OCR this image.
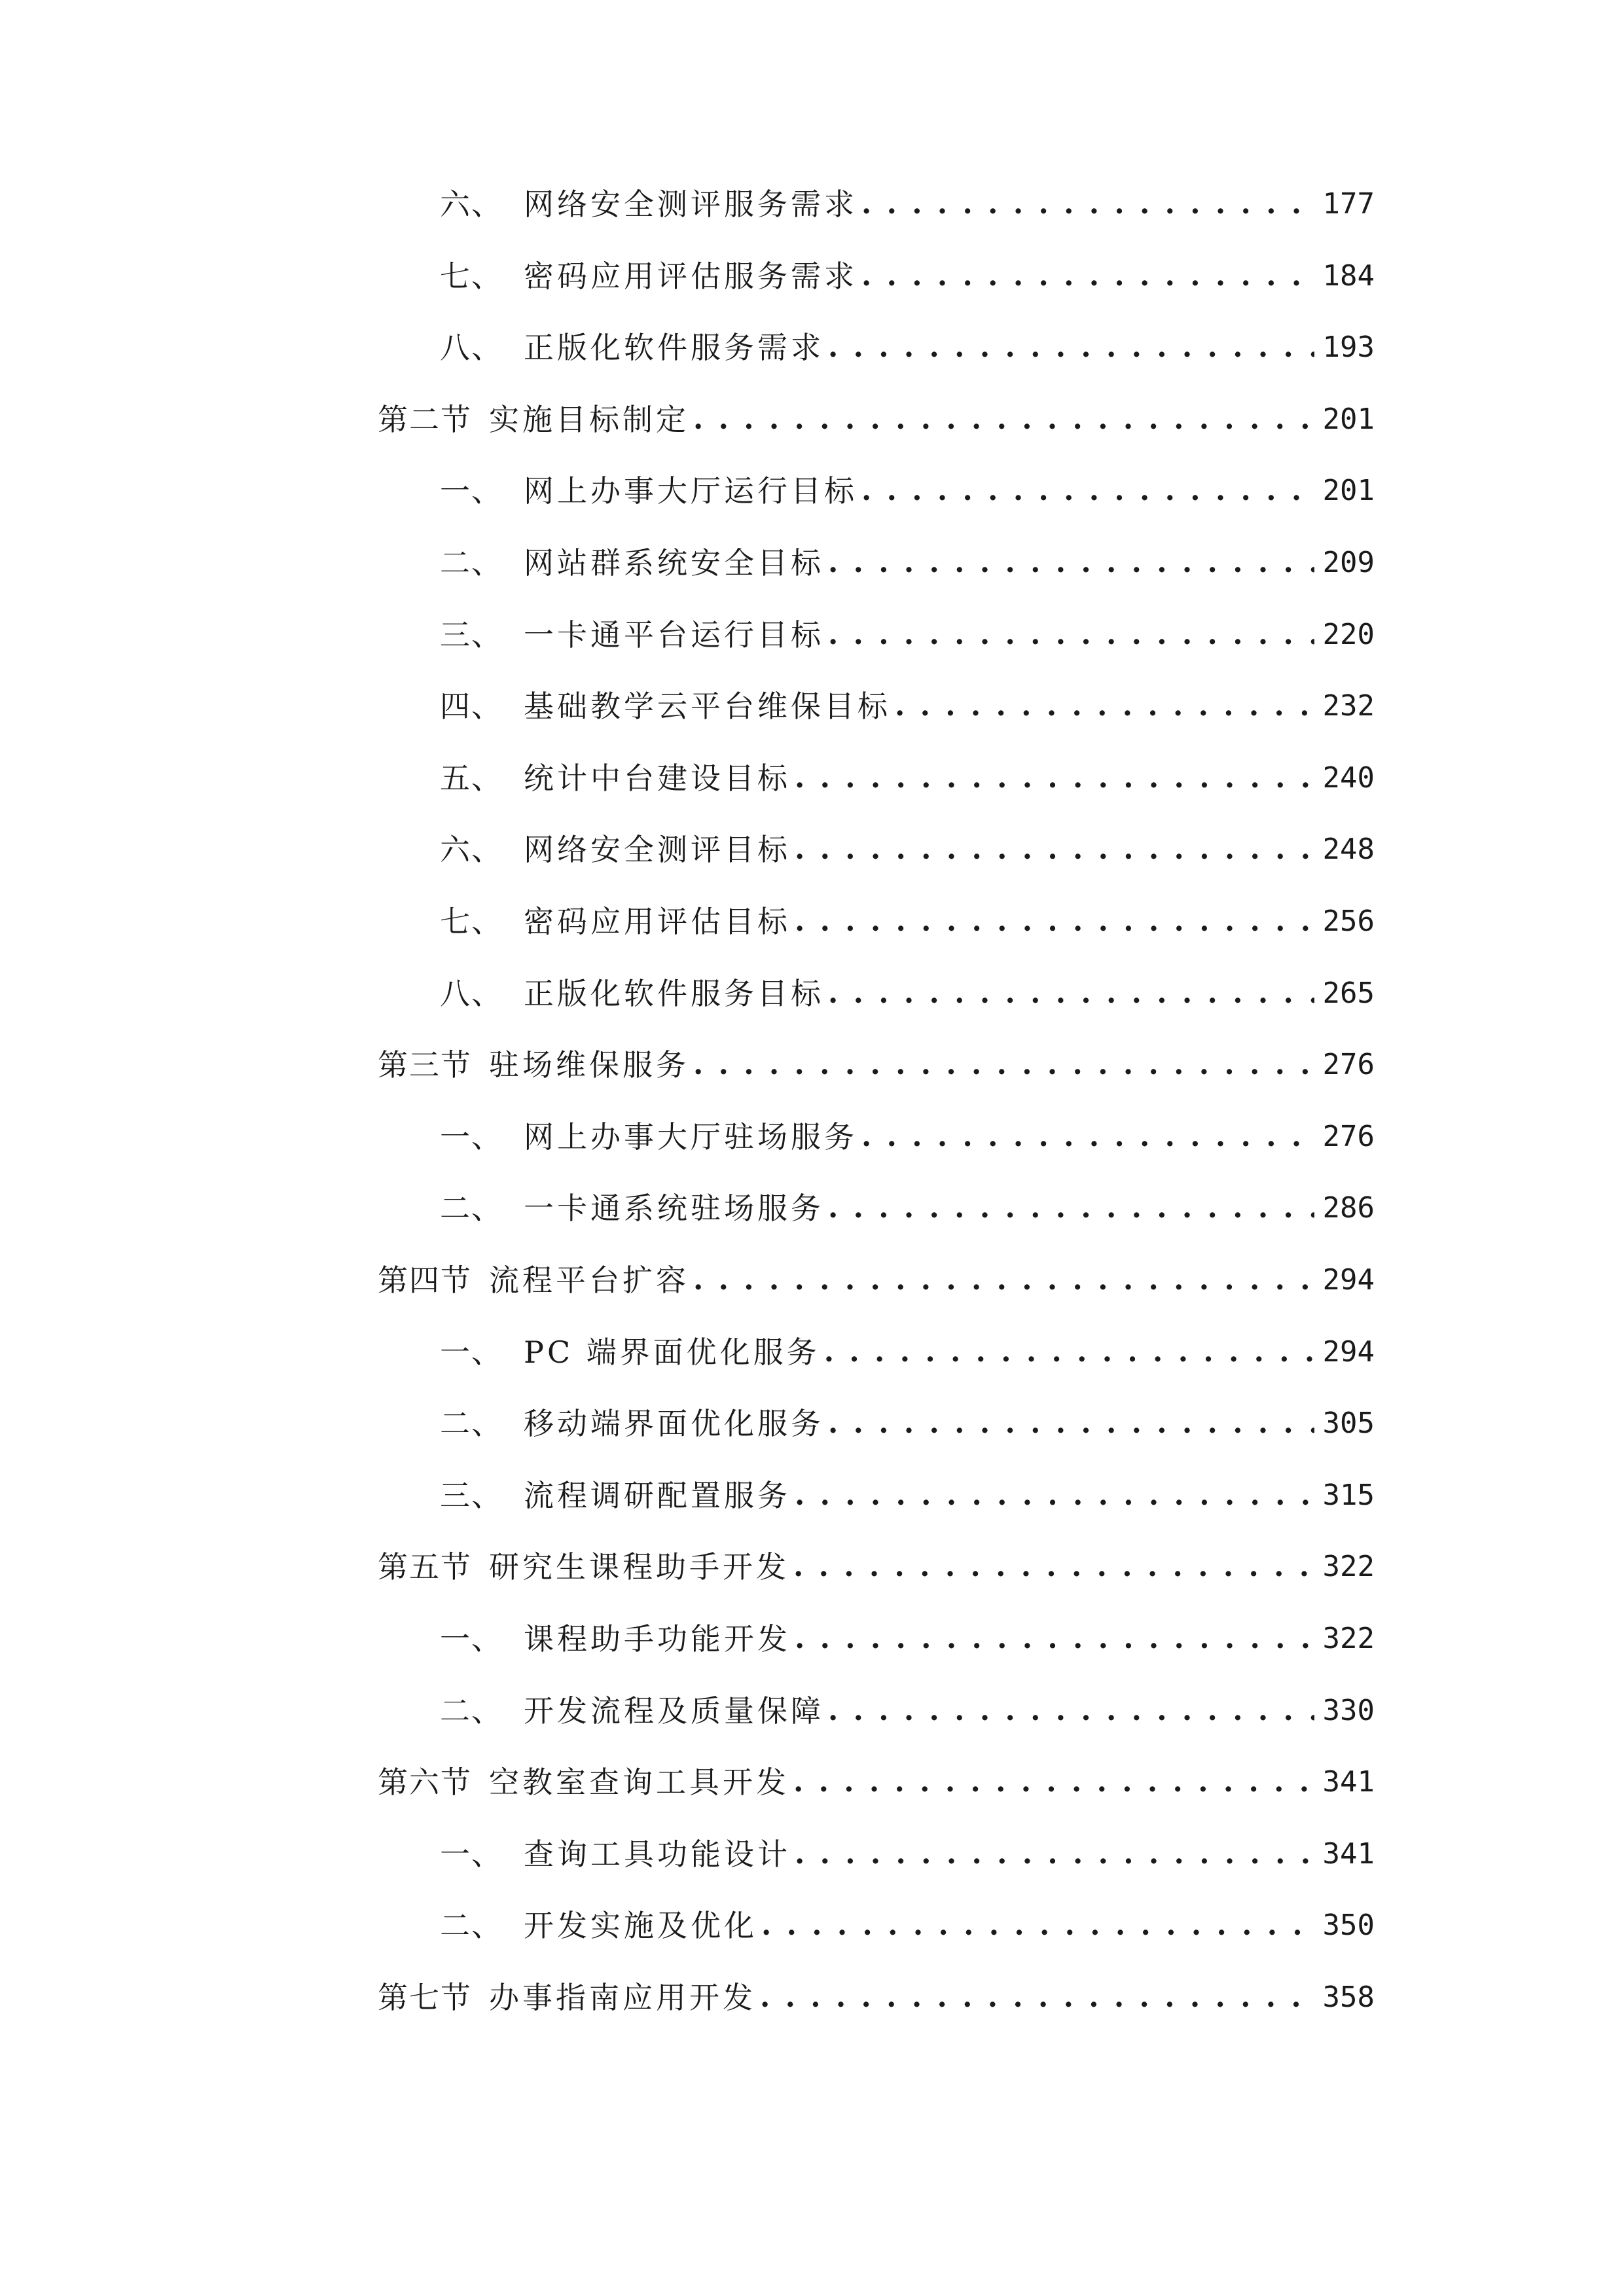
六、 网络安全测评服务需求 . . .	177
七、 密码应用评估服务需求 . . .	184
八、 正版化软件服务需求 . . .	193
第二节 实施目标制定 . . .	201
一、 网上办事大厅运行目标 . . .	201
二、 网站群系统安全目标 . . .	209
三、 一卡通平台运行目标 . . .	220
四、 基础教学云平台维保目标 . . .	232
五、 统计中台建设目标 . . .	240
六、 网络安全测评目标 . . .	248
七、 密码应用评估目标 . . .	256
八、 正版化软件服务目标 . . .	265
第三节 驻场维保服务 . . .	276
一、 网上办事大厅驻场服务 . . .	276
二、 一卡通系统驻场服务 . . .	286
第四节 流程平台扩容 . . .	294
一、 PC 端界面优化服务 . . .	294
二、 移动端界面优化服务 . . .	305
三、 流程调研配置服务 . . .	315
第五节 研究生课程助手开发 . . .	322
一、 课程助手功能开发 . . .	322
二、 开发流程及质量保障 . . .	330
第六节 空教室查询工具开发 . . .	341
一、 查询工具功能设计 . . .	341
二、 开发实施及优化 . . .	350
第七节 办事指南应用开发 . . .	358
